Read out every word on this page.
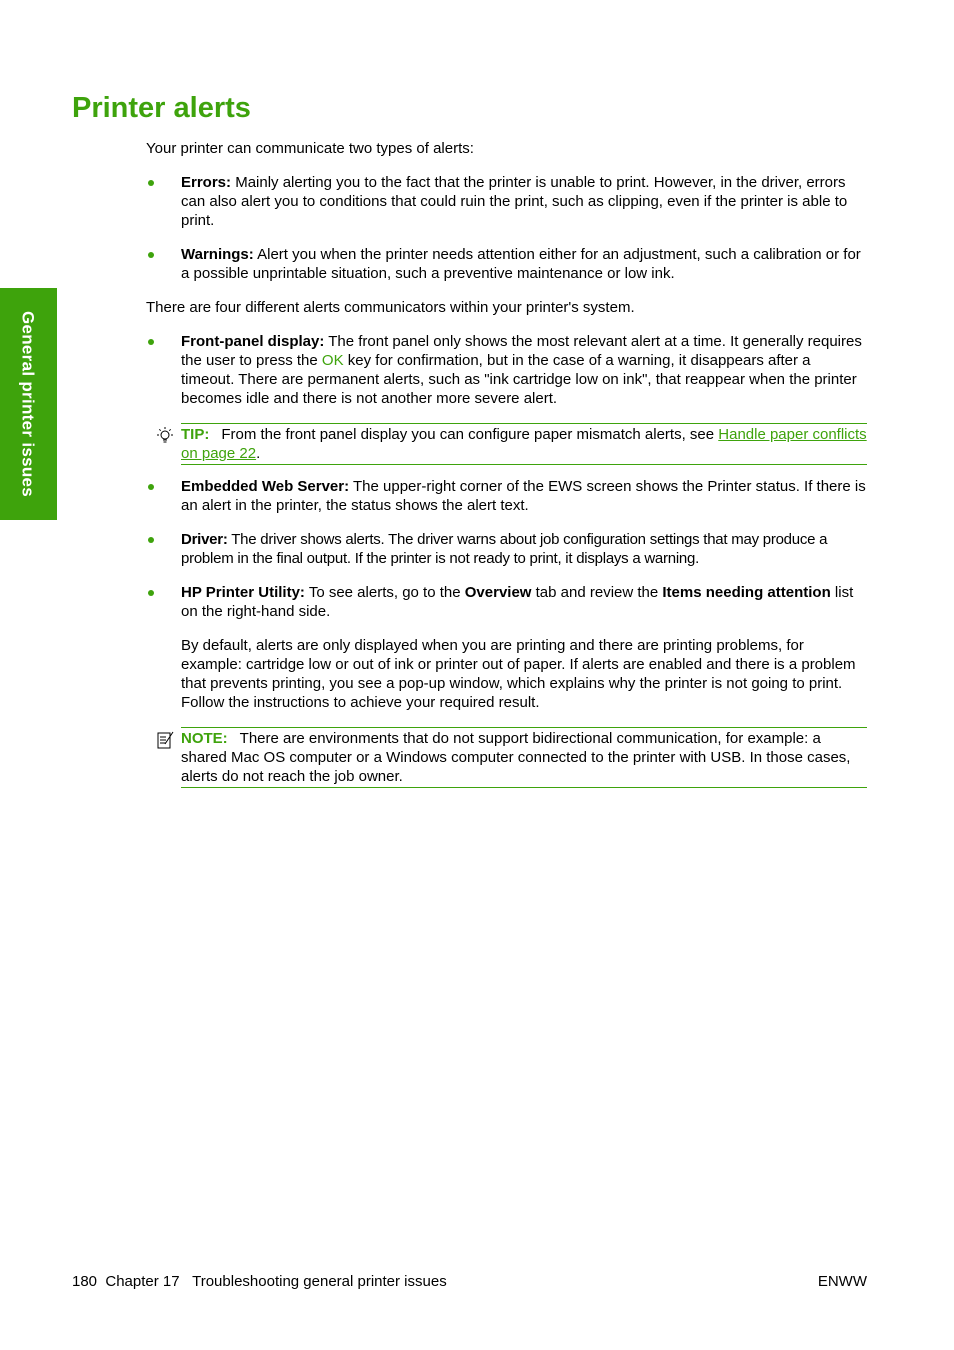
General printer issues
Printer alerts

Your printer can communicate two types of alerts:

Errors: Mainly alerting you to the fact that the printer is unable to print. However, in the driver, errors can also alert you to conditions that could ruin the print, such as clipping, even if the printer is able to print.
Warnings: Alert you when the printer needs attention either for an adjustment, such a calibration or for a possible unprintable situation, such a preventive maintenance or low ink.

There are four different alerts communicators within your printer's system.

Front-panel display: The front panel only shows the most relevant alert at a time. It generally requires the user to press the OK key for confirmation, but in the case of a warning, it disappears after a timeout. There are permanent alerts, such as "ink cartridge low on ink", that reappear when the printer becomes idle and there is not another more severe alert.
TIP: From the front panel display you can configure paper mismatch alerts, see Handle paper conflicts on page 22.
Embedded Web Server: The upper-right corner of the EWS screen shows the Printer status. If there is an alert in the printer, the status shows the alert text.
Driver: The driver shows alerts. The driver warns about job configuration settings that may produce a problem in the final output. If the printer is not ready to print, it displays a warning.
HP Printer Utility: To see alerts, go to the Overview tab and review the Items needing attention list on the right-hand side.

By default, alerts are only displayed when you are printing and there are printing problems, for example: cartridge low or out of ink or printer out of paper. If alerts are enabled and there is a problem that prevents printing, you see a pop-up window, which explains why the printer is not going to print. Follow the instructions to achieve your required result.

NOTE: There are environments that do not support bidirectional communication, for example: a shared Mac OS computer or a Windows computer connected to the printer with USB. In those cases, alerts do not reach the job owner.
180 Chapter 17 Troubleshooting general printer issues	ENWW
